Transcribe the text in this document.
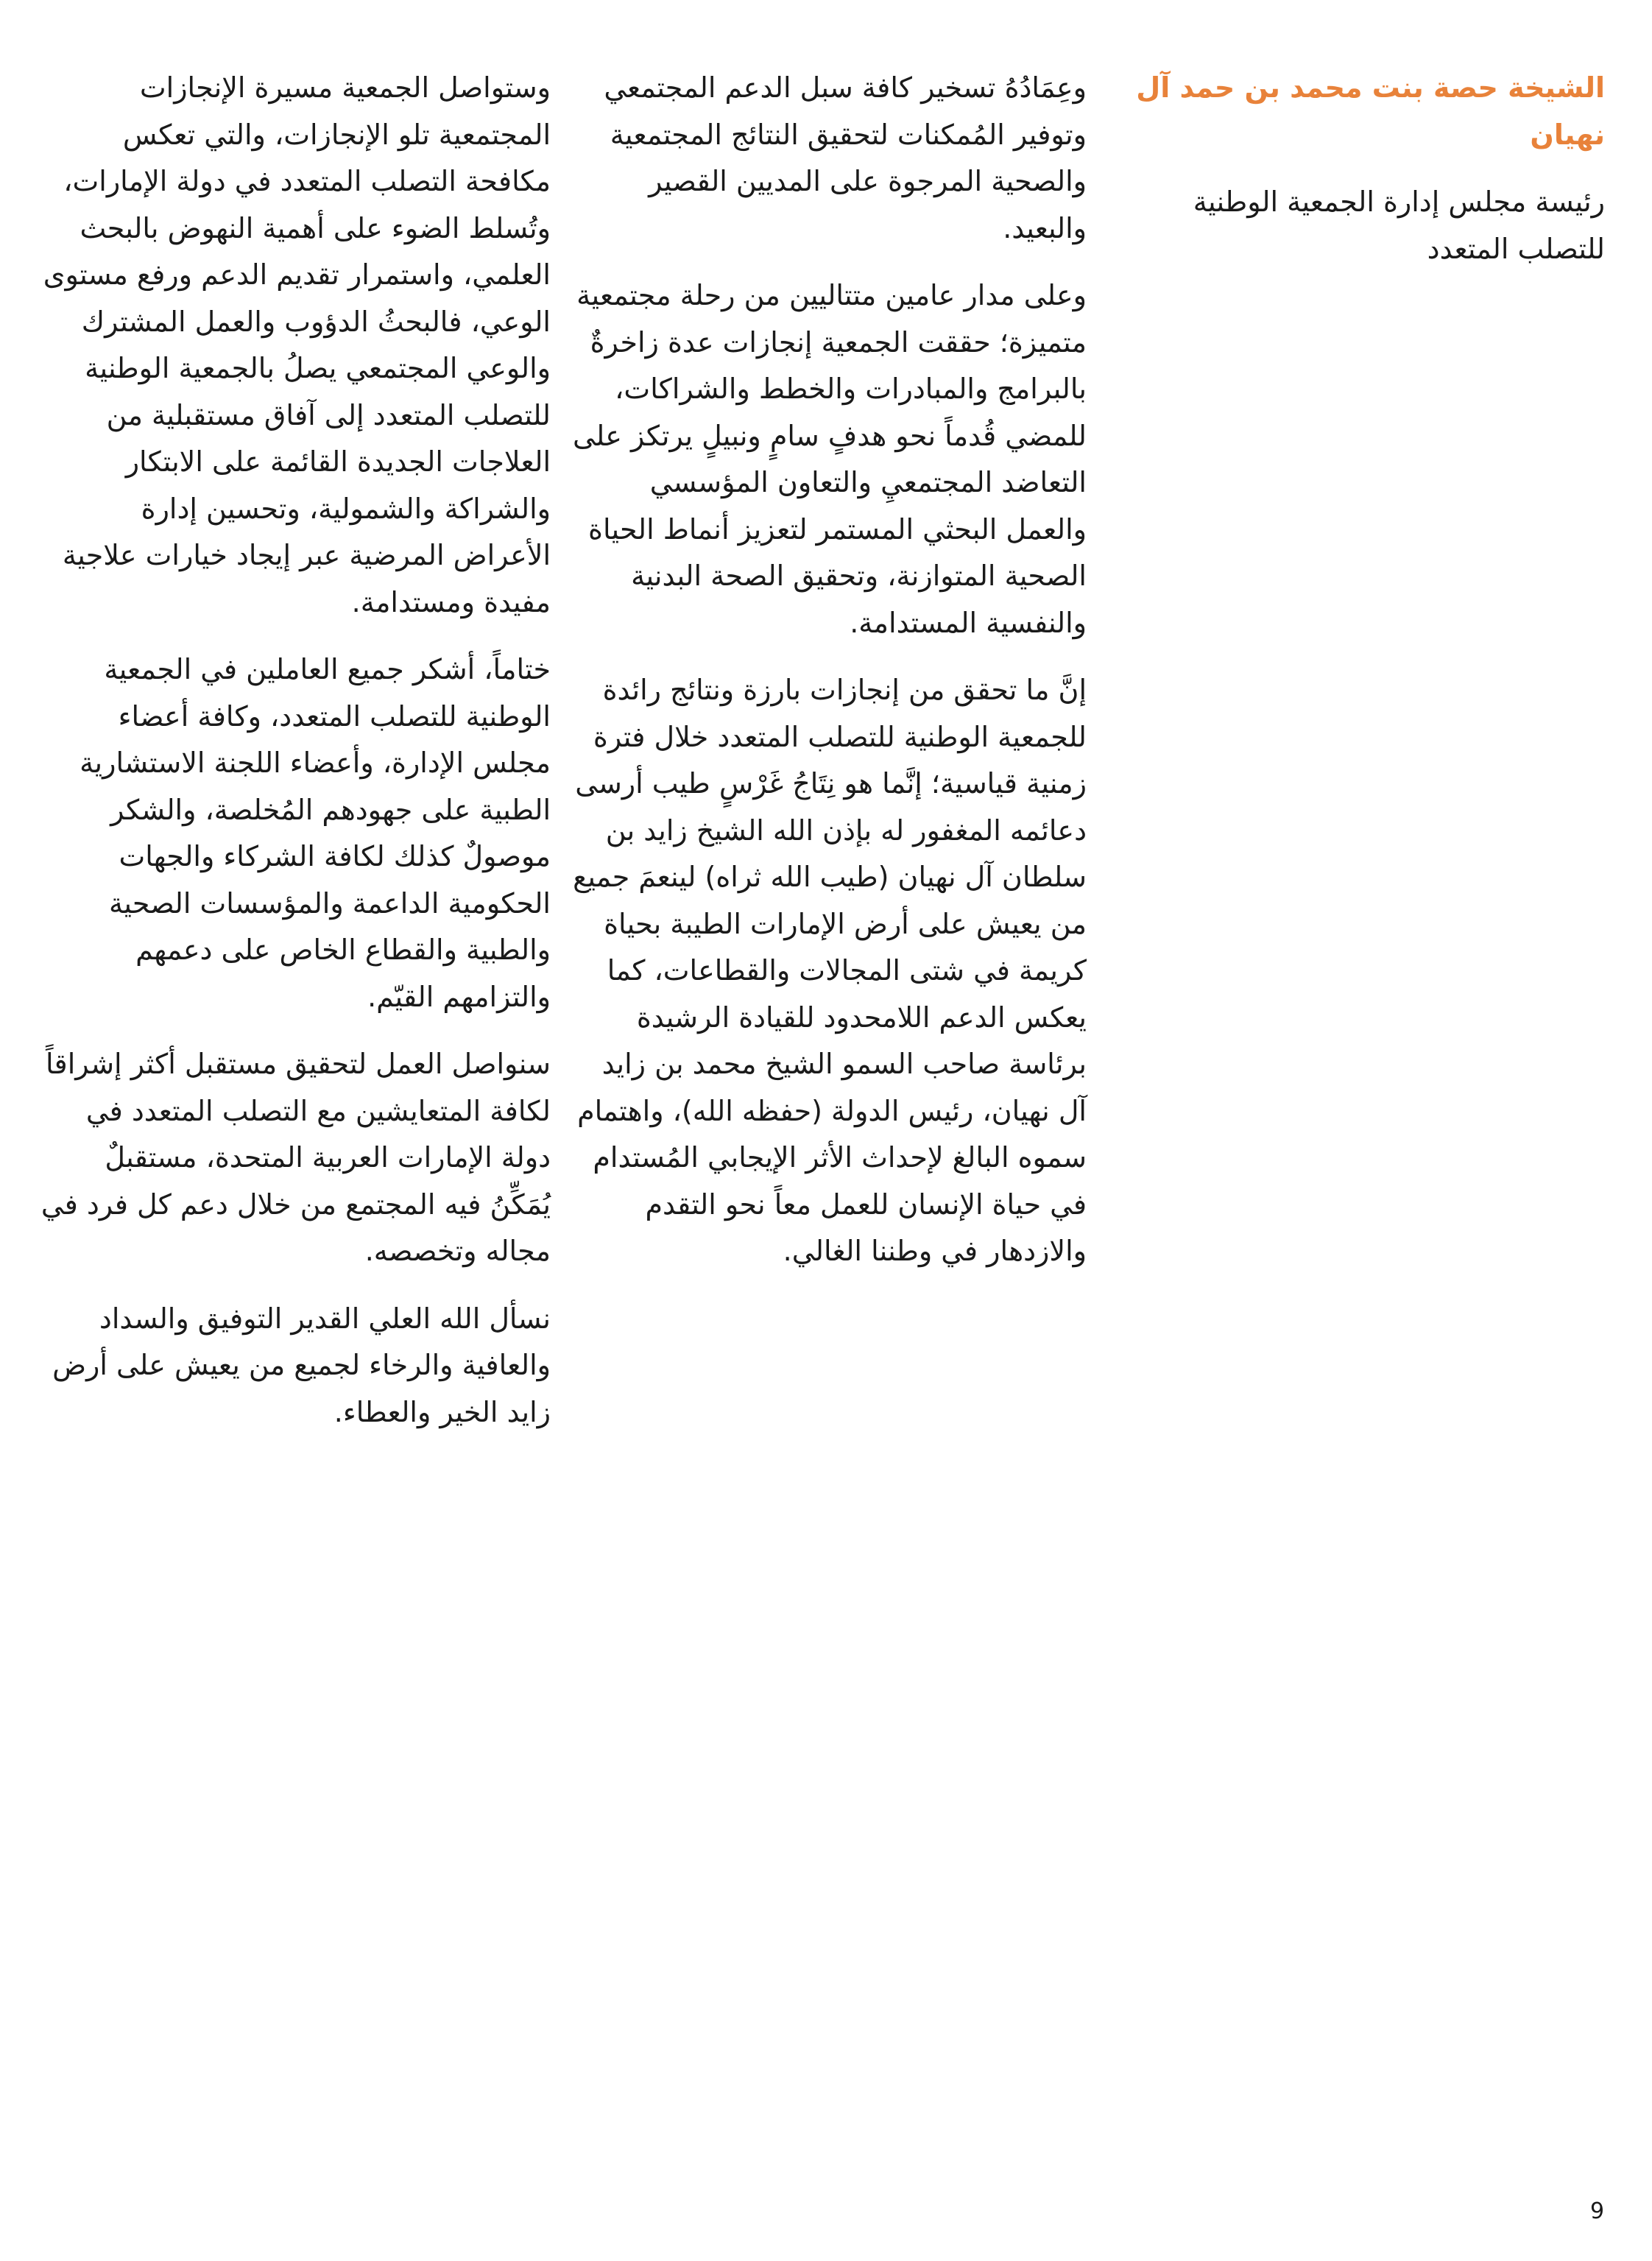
الشيخة حصة بنت محمد بن حمد آل نهيان

رئيسة مجلس إدارة الجمعية الوطنية للتصلب المتعدد

وعِمَادُهُ تسخير كافة سبل الدعم المجتمعي وتوفير المُمكنات لتحقيق النتائج المجتمعية والصحية المرجوة على المديين القصير والبعيد.

وعلى مدار عامين متتاليين من رحلة مجتمعية متميزة؛ حققت الجمعية إنجازات عدة زاخرةٌ بالبرامج والمبادرات والخطط والشراكات، للمضي قُدماً نحو هدفٍ سامٍ ونبيلٍ يرتكز على التعاضد المجتمعيِ والتعاون المؤسسي والعمل البحثي المستمر لتعزيز أنماط الحياة الصحية المتوازنة، وتحقيق الصحة البدنية والنفسية المستدامة.

إنَّ ما تحقق من إنجازات بارزة ونتائج رائدة للجمعية الوطنية للتصلب المتعدد خلال فترة زمنية قياسية؛ إنَّما هو نِتَاجُ غَرْسٍ طيب أرسى دعائمه المغفور له بإذن الله الشيخ زايد بن سلطان آل نهيان (طيب الله ثراه) لينعمَ جميع من يعيش على أرض الإمارات الطيبة بحياة كريمة في شتى المجالات والقطاعات، كما يعكس الدعم اللامحدود للقيادة الرشيدة برئاسة صاحب السمو الشيخ محمد بن زايد آل نهيان، رئيس الدولة (حفظه الله)، واهتمام سموه البالغ لإحداث الأثر الإيجابي المُستدام في حياة الإنسان للعمل معاً نحو التقدم والازدهار في وطننا الغالي.

وستواصل الجمعية مسيرة الإنجازات المجتمعية تلو الإنجازات، والتي تعكس مكافحة التصلب المتعدد في دولة الإمارات، وتُسلط الضوء على أهمية النهوض بالبحث العلمي، واستمرار تقديم الدعم ورفع مستوى الوعي، فالبحثُ الدؤوب والعمل المشترك والوعي المجتمعي يصلُ بالجمعية الوطنية للتصلب المتعدد إلى آفاق مستقبلية من العلاجات الجديدة القائمة على الابتكار والشراكة والشمولية، وتحسين إدارة الأعراض المرضية عبر إيجاد خيارات علاجية مفيدة ومستدامة.

ختاماً، أشكر جميع العاملين في الجمعية الوطنية للتصلب المتعدد، وكافة أعضاء مجلس الإدارة، وأعضاء اللجنة الاستشارية الطبية على جهودهم المُخلصة، والشكر موصولٌ كذلك لكافة الشركاء والجهات الحكومية الداعمة والمؤسسات الصحية والطبية والقطاع الخاص على دعمهم والتزامهم القيّم.

سنواصل العمل لتحقيق مستقبل أكثر إشراقاً لكافة المتعايشين مع التصلب المتعدد في دولة الإمارات العربية المتحدة، مستقبلٌ يُمَكِّنُ فيه المجتمع من خلال دعم كل فرد في مجاله وتخصصه.

نسأل الله العلي القدير التوفيق والسداد والعافية والرخاء لجميع من يعيش على أرض زايد الخير والعطاء.

9
